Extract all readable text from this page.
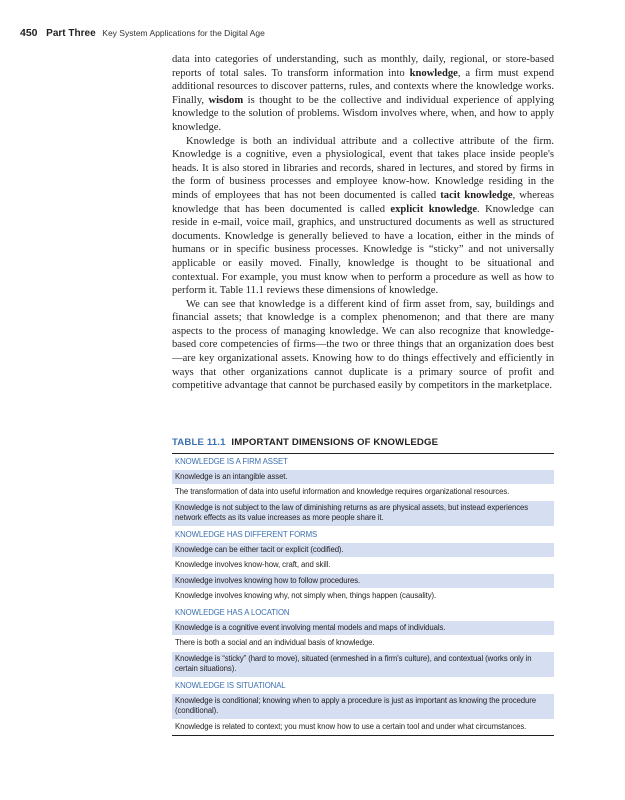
450 Part Three Key System Applications for the Digital Age

data into categories of understanding, such as monthly, daily, regional, or store-based reports of total sales. To transform information into knowledge, a firm must expend additional resources to discover patterns, rules, and contexts where the knowledge works. Finally, wisdom is thought to be the collective and individual experience of applying knowledge to the solution of problems. Wisdom involves where, when, and how to apply knowledge.

Knowledge is both an individual attribute and a collective attribute of the firm. Knowledge is a cognitive, even a physiological, event that takes place inside people's heads. It is also stored in libraries and records, shared in lectures, and stored by firms in the form of business processes and employee know-how. Knowledge residing in the minds of employees that has not been documented is called tacit knowledge, whereas knowledge that has been documented is called explicit knowledge. Knowledge can reside in e-mail, voice mail, graphics, and unstructured documents as well as structured documents. Knowledge is generally believed to have a location, either in the minds of humans or in specific business processes. Knowledge is “sticky” and not universally applicable or easily moved. Finally, knowledge is thought to be situational and contextual. For example, you must know when to perform a procedure as well as how to perform it. Table 11.1 reviews these dimensions of knowledge.

We can see that knowledge is a different kind of firm asset from, say, buildings and financial assets; that knowledge is a complex phenomenon; and that there are many aspects to the process of managing knowledge. We can also recognize that knowledge-based core competencies of firms—the two or three things that an organization does best—are key organizational assets. Knowing how to do things effectively and efficiently in ways that other organizations cannot duplicate is a primary source of profit and competitive advantage that cannot be purchased easily by competitors in the marketplace.

TABLE 11.1 IMPORTANT DIMENSIONS OF KNOWLEDGE
KNOWLEDGE IS A FIRM ASSET
Knowledge is an intangible asset.
The transformation of data into useful information and knowledge requires organizational resources.
Knowledge is not subject to the law of diminishing returns as are physical assets, but instead experiences network effects as its value increases as more people share it.
KNOWLEDGE HAS DIFFERENT FORMS
Knowledge can be either tacit or explicit (codified).
Knowledge involves know-how, craft, and skill.
Knowledge involves knowing how to follow procedures.
Knowledge involves knowing why, not simply when, things happen (causality).
KNOWLEDGE HAS A LOCATION
Knowledge is a cognitive event involving mental models and maps of individuals.
There is both a social and an individual basis of knowledge.
Knowledge is “sticky” (hard to move), situated (enmeshed in a firm's culture), and contextual (works only in certain situations).
KNOWLEDGE IS SITUATIONAL
Knowledge is conditional; knowing when to apply a procedure is just as important as knowing the procedure (conditional).
Knowledge is related to context; you must know how to use a certain tool and under what circumstances.
